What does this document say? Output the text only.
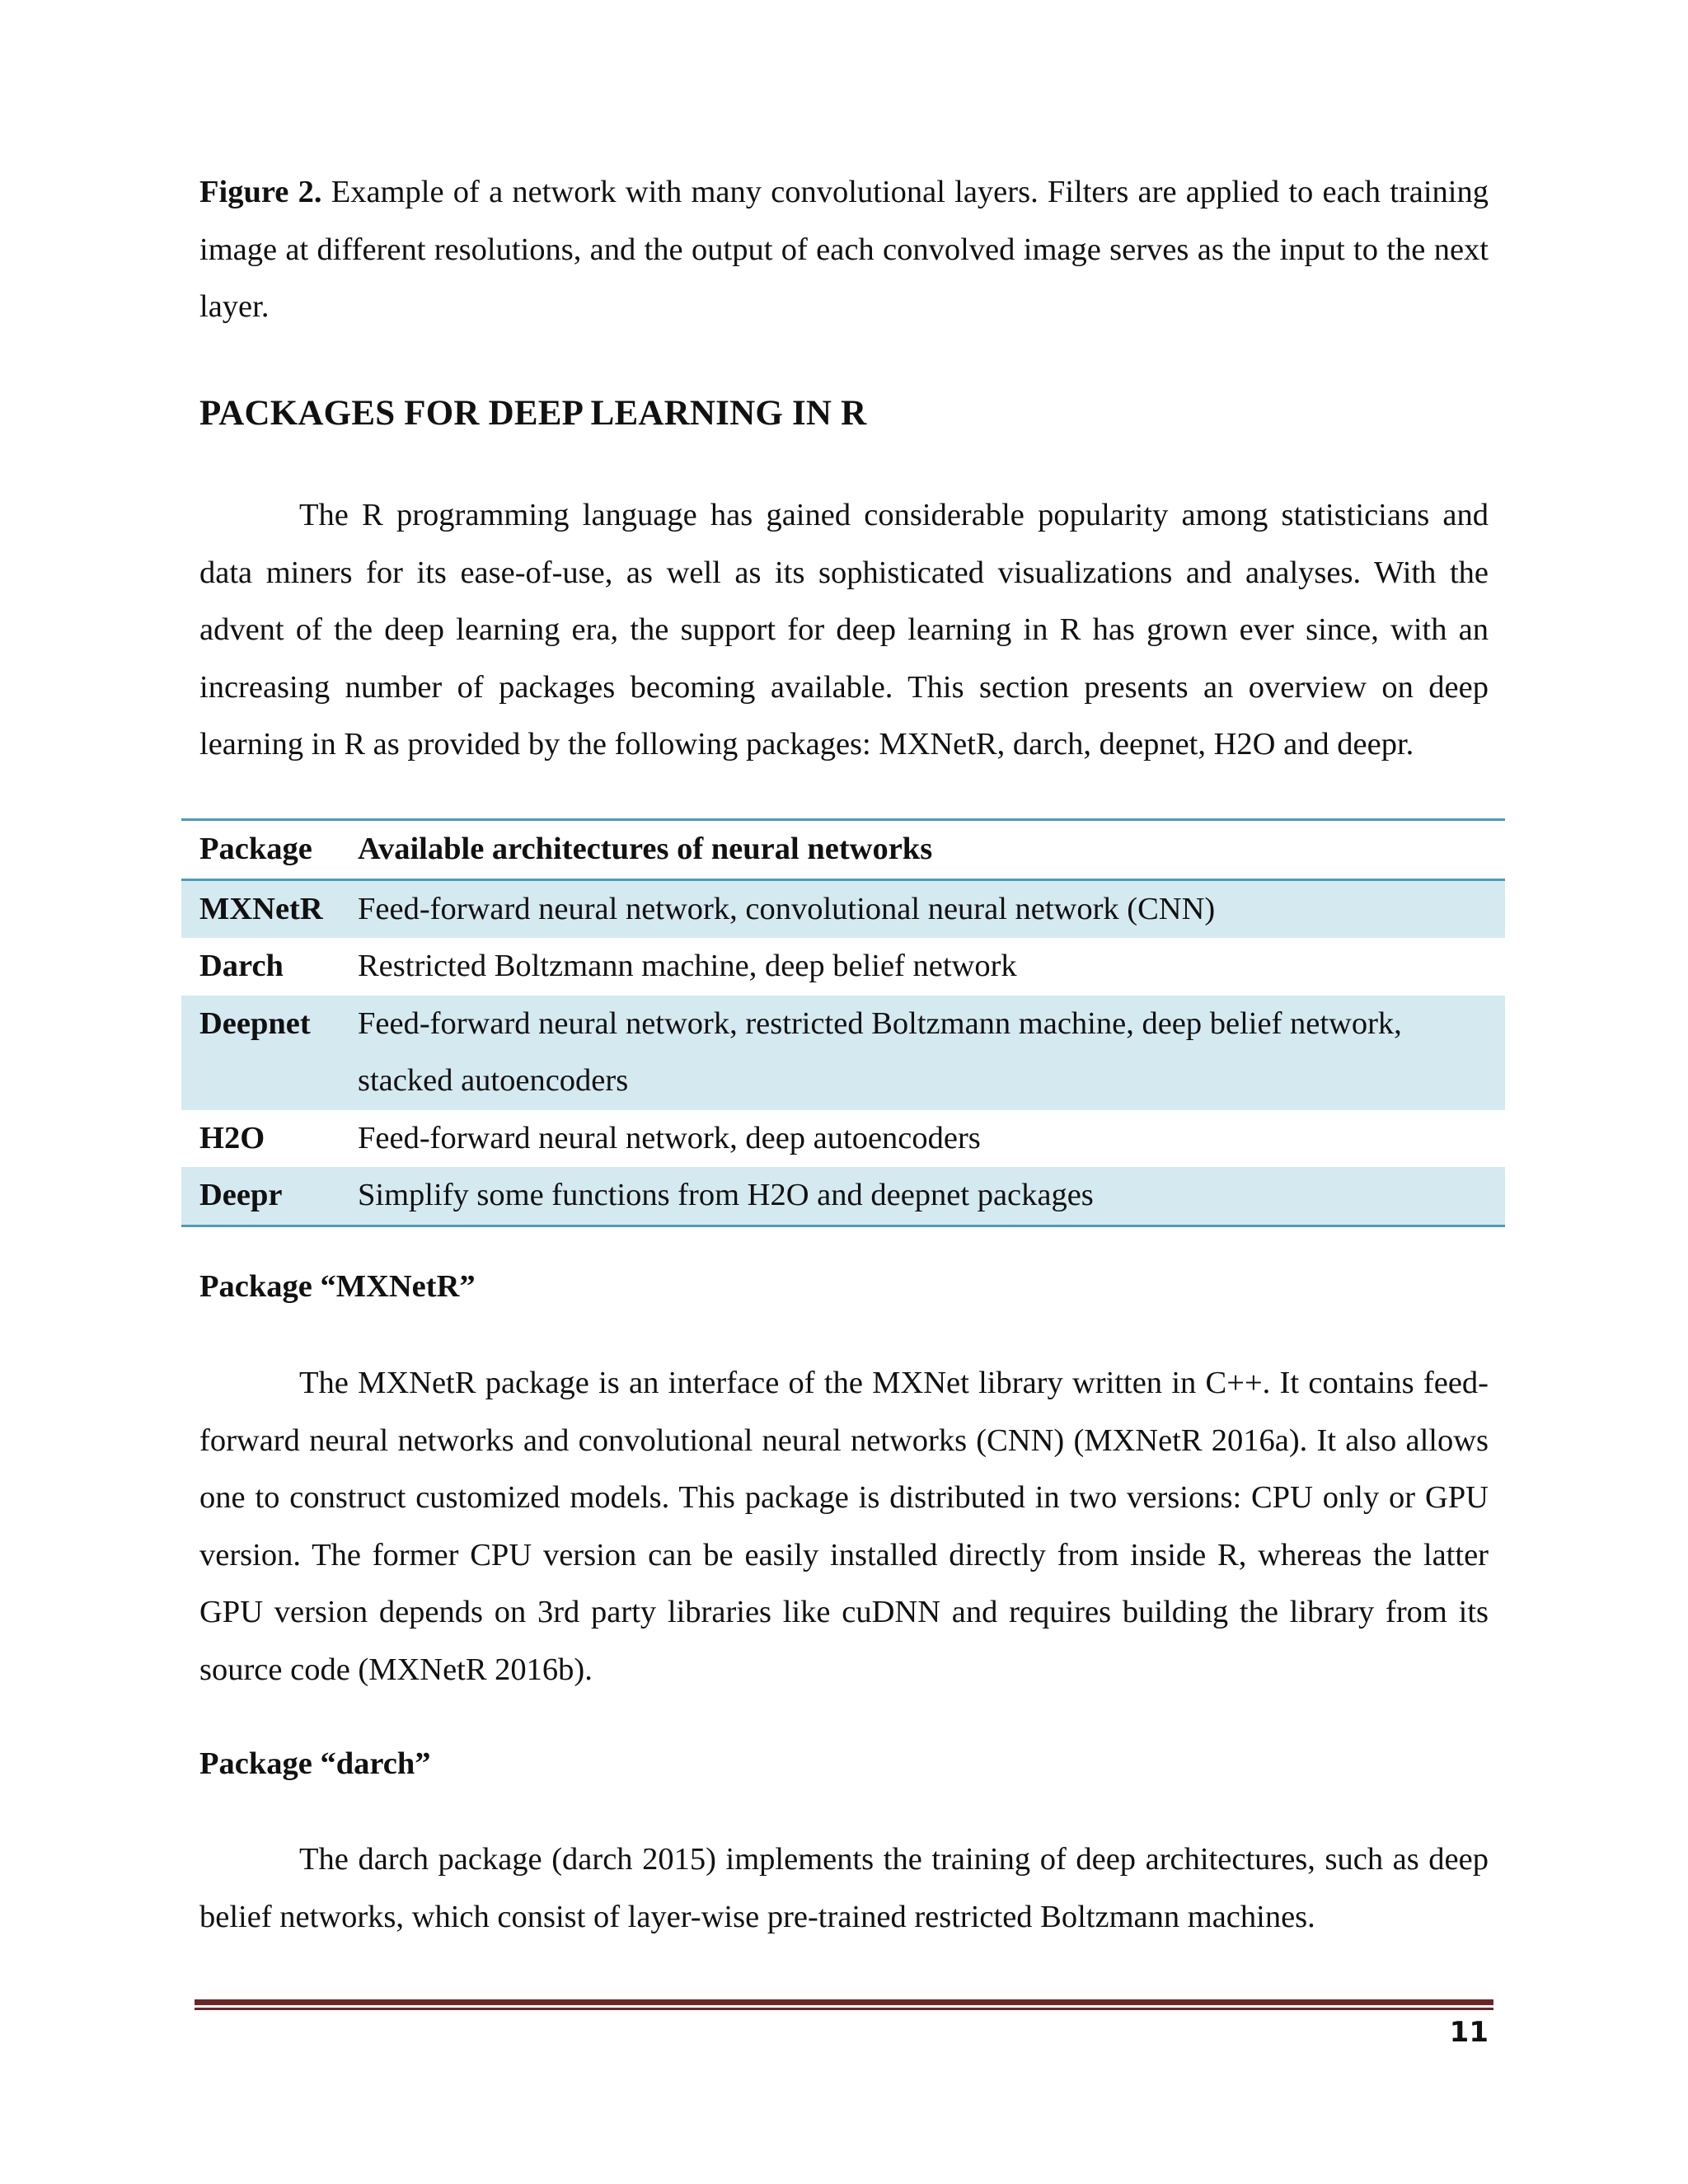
Figure 2. Example of a network with many convolutional layers. Filters are applied to each training image at different resolutions, and the output of each convolved image serves as the input to the next layer.

PACKAGES FOR DEEP LEARNING IN R

The R programming language has gained considerable popularity among statisticians and data miners for its ease-of-use, as well as its sophisticated visualizations and analyses. With the advent of the deep learning era, the support for deep learning in R has grown ever since, with an increasing number of packages becoming available. This section presents an overview on deep learning in R as provided by the following packages: MXNetR, darch, deepnet, H2O and deepr.

Package	Available architectures of neural networks
MXNetR	Feed-forward neural network, convolutional neural network (CNN)
Darch	Restricted Boltzmann machine, deep belief network
Deepnet	Feed-forward neural network, restricted Boltzmann machine, deep belief network, stacked autoencoders
H2O	Feed-forward neural network, deep autoencoders
Deepr	Simplify some functions from H2O and deepnet packages
Package “MXNetR”

The MXNetR package is an interface of the MXNet library written in C++. It contains feed-forward neural networks and convolutional neural networks (CNN) (MXNetR 2016a). It also allows one to construct customized models. This package is distributed in two versions: CPU only or GPU version. The former CPU version can be easily installed directly from inside R, whereas the latter GPU version depends on 3rd party libraries like cuDNN and requires building the library from its source code (MXNetR 2016b).

Package “darch”

The darch package (darch 2015) implements the training of deep architectures, such as deep belief networks, which consist of layer-wise pre-trained restricted Boltzmann machines.

11
